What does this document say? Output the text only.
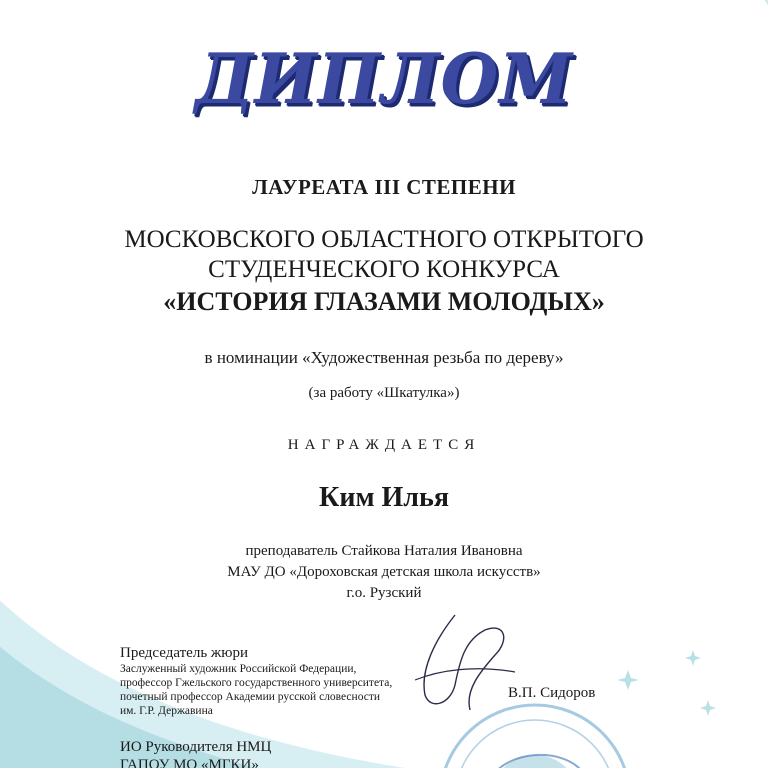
ДИПЛОМ
ЛАУРЕАТА III СТЕПЕНИ
МОСКОВСКОГО ОБЛАСТНОГО ОТКРЫТОГО
СТУДЕНЧЕСКОГО КОНКУРСА
«ИСТОРИЯ ГЛАЗАМИ МОЛОДЫХ»
в номинации «Художественная резьба по дереву»
(за работу «Шкатулка»)
НАГРАЖДАЕТСЯ
Ким Илья
преподаватель Стайкова Наталия Ивановна
МАУ ДО «Дороховская детская школа искусств»
г.о. Рузский
Председатель жюри
Заслуженный художник Российской Федерации,
профессор Гжельского государственного университета,
почетный профессор Академии русской словесности
им. Г.Р. Державина
В.П. Сидоров
ИО Руководителя НМЦ
ГАПОУ МО «МГКИ»
